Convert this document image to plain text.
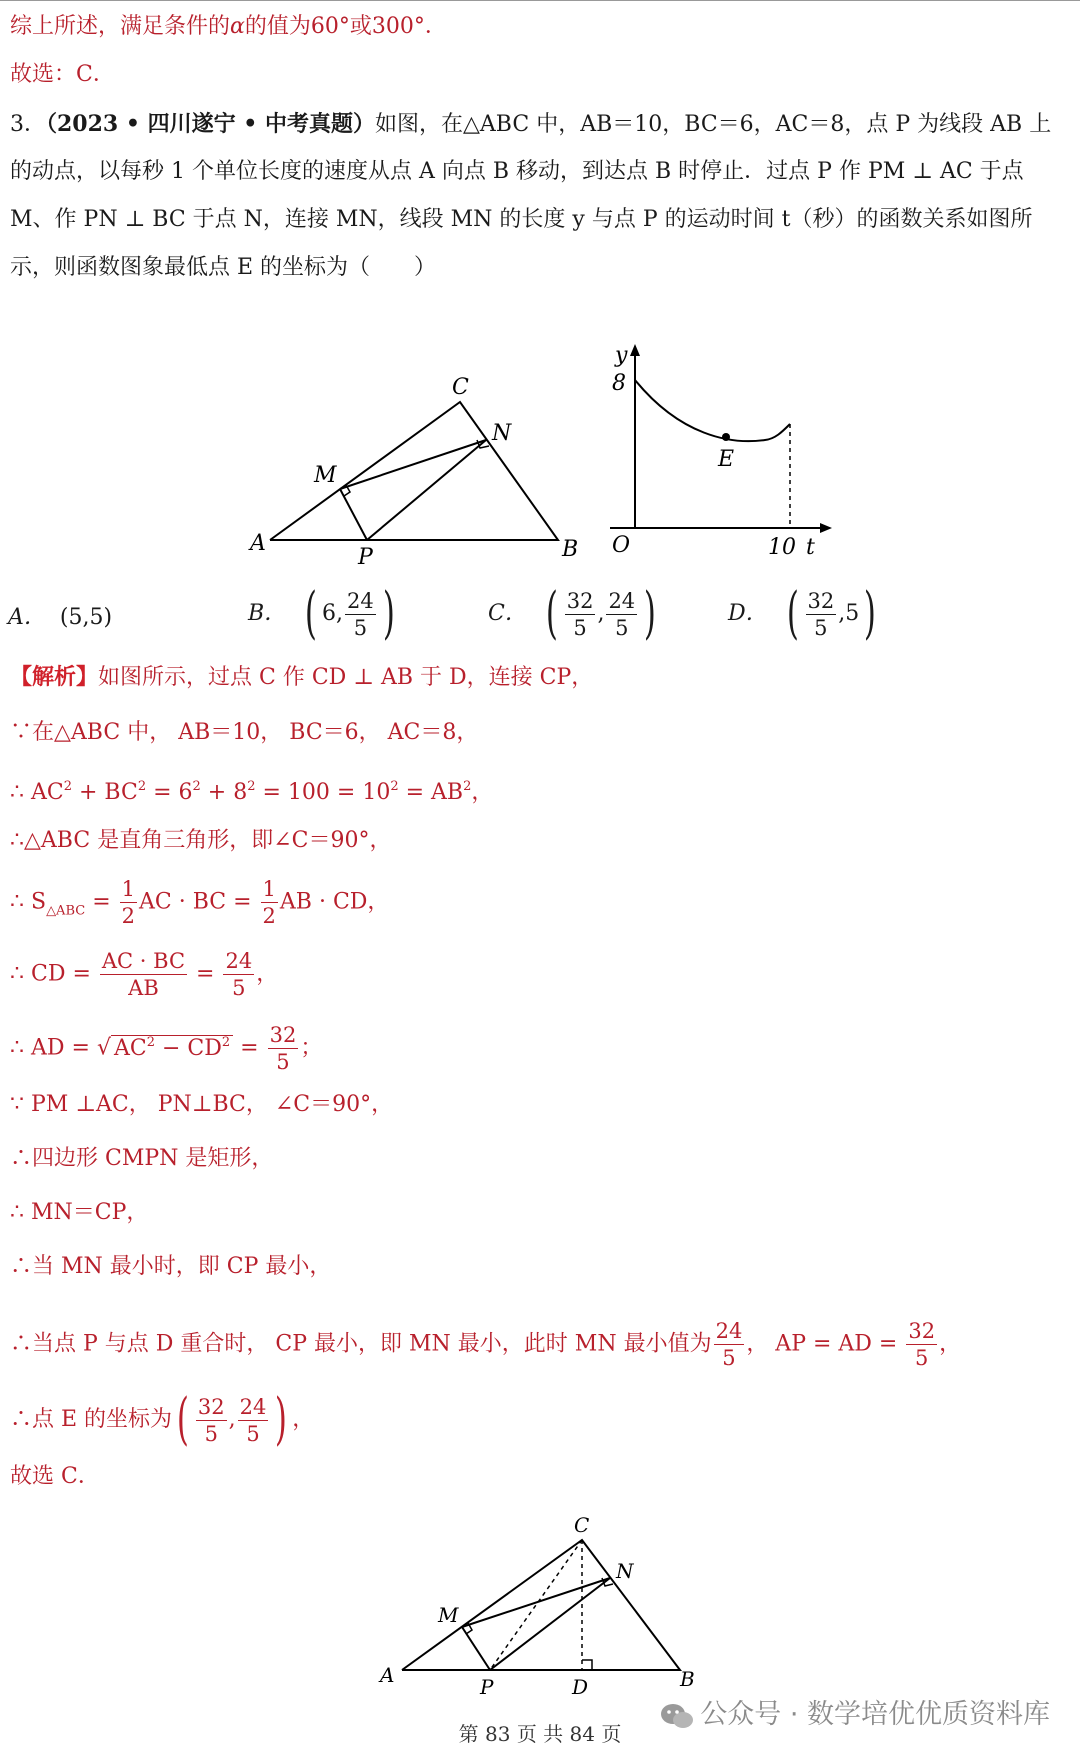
综上所述，满足条件的α的值为60°或300°．
故选：C．
3．（2023 • 四川遂宁 • 中考真题）如图，在△ABC 中，AB＝10，BC＝6，AC＝8，点 P 为线段 AB 上
的动点，以每秒 1 个单位长度的速度从点 A 向点 B 移动，到达点 B 时停止．过点 P 作 PM ⊥ AC 于点
M、作 PN ⊥ BC 于点 N，连接 MN，线段 MN 的长度 y 与点 P 的运动时间 t（秒）的函数关系如图所
示，则函数图象最低点 E 的坐标为（　　）
C
N
M
A
P	B
y
8
E
O	10 t
A． (5,5)	B． ( 6, $\frac{24}{5}$ )	C． ( $\frac{32}{5}$ , $\frac{24}{5}$ )	D． ( $\frac{32}{5} ,5$)
【解析】如图所示，过点 C 作 CD ⊥ AB 于 D，连接 CP，
∵在△ABC 中， AB＝10， BC＝6， AC＝8，
∴ $AC^2 + BC^2 = 6^2 + 8^2 = 100 = 10^2 = AB^2$，
∴△ABC 是直角三角形，即∠C＝90°，
∴ $S_{\triangle ABC} = \frac{1}{2}$ AC · BC = $\frac{1}{2}$ AB · CD，
∴ CD = $\frac{AC \cdot BC}{AB} = \frac{24}{5}$ ，
∴ AD = √ $AC^2 - CD^2 = \frac{32}{5}$ ；
∵ PM ⊥AC， PN⊥BC， ∠C＝90°，
∴四边形 CMPN 是矩形，
∴ MN＝CP，
∴当 MN 最小时，即 CP 最小，
∴当点 P 与点 D 重合时， CP 最小，即 MN 最小，此时 MN 最小值为 $\frac{24}{5}$ ， AP = AD = $\frac{32}{5}$ ，
∴点 E 的坐标为( $\frac{32}{5}$ , $\frac{24}{5}$ ) ，
故选 C．
C
N
M
A	P	D	B
公众号 · 数学培优优质资料库
第 83 页 共 84 页
